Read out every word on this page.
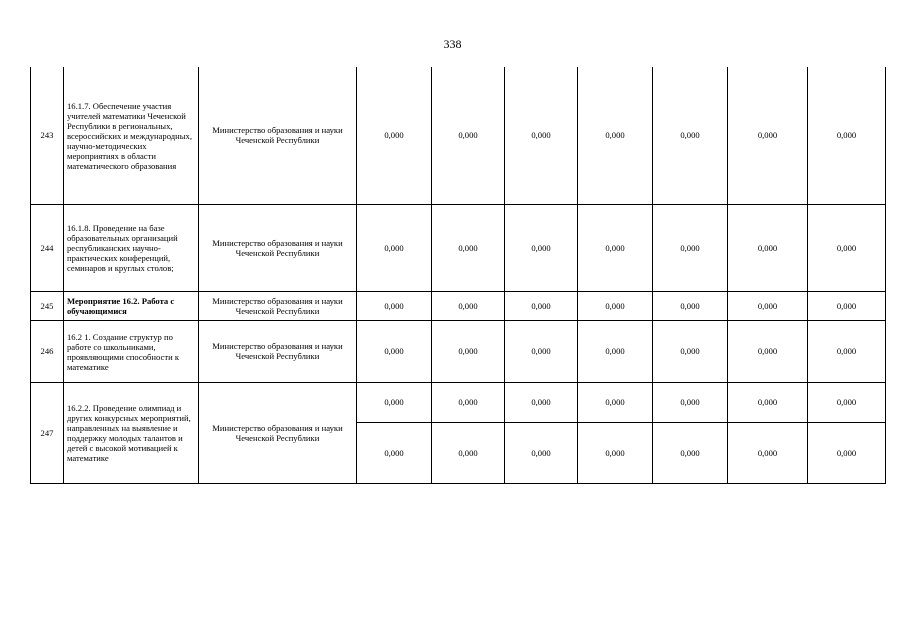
338
243	16.1.7. Обеспечение участия учителей математики Чеченской Республики в региональных, всероссийских и международных, научно-методических мероприятиях в области математического образования	Министерство образования и науки Чеченской Республики	0,000	0,000	0,000	0,000	0,000	0,000	0,000
244	16.1.8. Проведение на базе образовательных организаций республиканских научно-практических конференций, семинаров и круглых столов;	Министерство образования и науки Чеченской Республики	0,000	0,000	0,000	0,000	0,000	0,000	0,000
245	Мероприятие 16.2. Работа с обучающимися	Министерство образования и науки Чеченской Республики	0,000	0,000	0,000	0,000	0,000	0,000	0,000
246	16.2 1. Создание структур по работе со школьниками, проявляющими способности к математике	Министерство образования и науки Чеченской Республики	0,000	0,000	0,000	0,000	0,000	0,000	0,000
247	16.2.2. Проведение олимпиад и других конкурсных мероприятий, направленных на выявление и поддержку молодых талантов и детей с высокой мотивацией к математике	Министерство образования и науки Чеченской Республики	0,000	0,000	0,000	0,000	0,000	0,000	0,000
			0,000	0,000	0,000	0,000	0,000	0,000	0,000
